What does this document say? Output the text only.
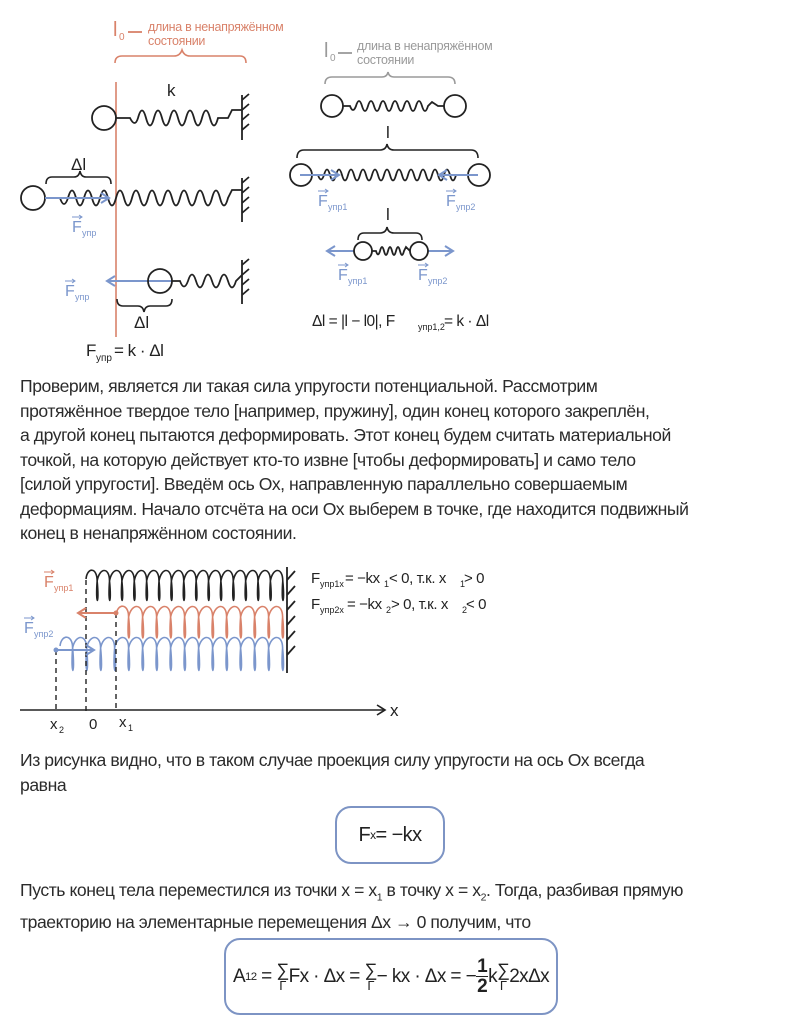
l 0
длина в ненапряжённом
состоянии
k
Δl
F упр
F упр
Δl
F упр = k · Δl
l 0
длина в ненапряжённом
состоянии
l
F упр1	F упр2
l
F упр1	F упр2
Δl = |l − l0|, F	упр1,2 = k · Δl
Проверим, является ли такая сила упругости потенциальной. Рассмотрим
протяжённое твердое тело [например, пружину], один конец которого закреплён,
а другой конец пытаются деформировать. Этот конец будем считать материальной
точкой, на которую действует кто-то извне [чтобы деформировать] и само тело
[силой упругости]. Введём ось Ох, направленную параллельно совершаемым
деформациям. Начало отсчёта на оси Ох выберем в точке, где находится подвижный
конец в ненапряжённом состоянии.
F упр1
F упр2
x
x 2 0 x 1
F упр1x = −kx 1 < 0, т.к. x 1
> 0
F упр2x = −kx 2 > 0, т.к. x 2
< 0
Из рисунка видно, что в таком случае проекция силу упругости на ось Ох всегда
равна
F x = −kx
Пусть конец тела переместился из точки $x = x_1$ в точку $x = x_2$. Тогда, разбивая прямую
траекторию на элементарные перемещения Δx → 0 получим, что
A 12 = ∑
Г Fx · Δx = ∑
Г − kx · Δx = − $\frac{1}{2}$ k ∑
Г 2xΔx
